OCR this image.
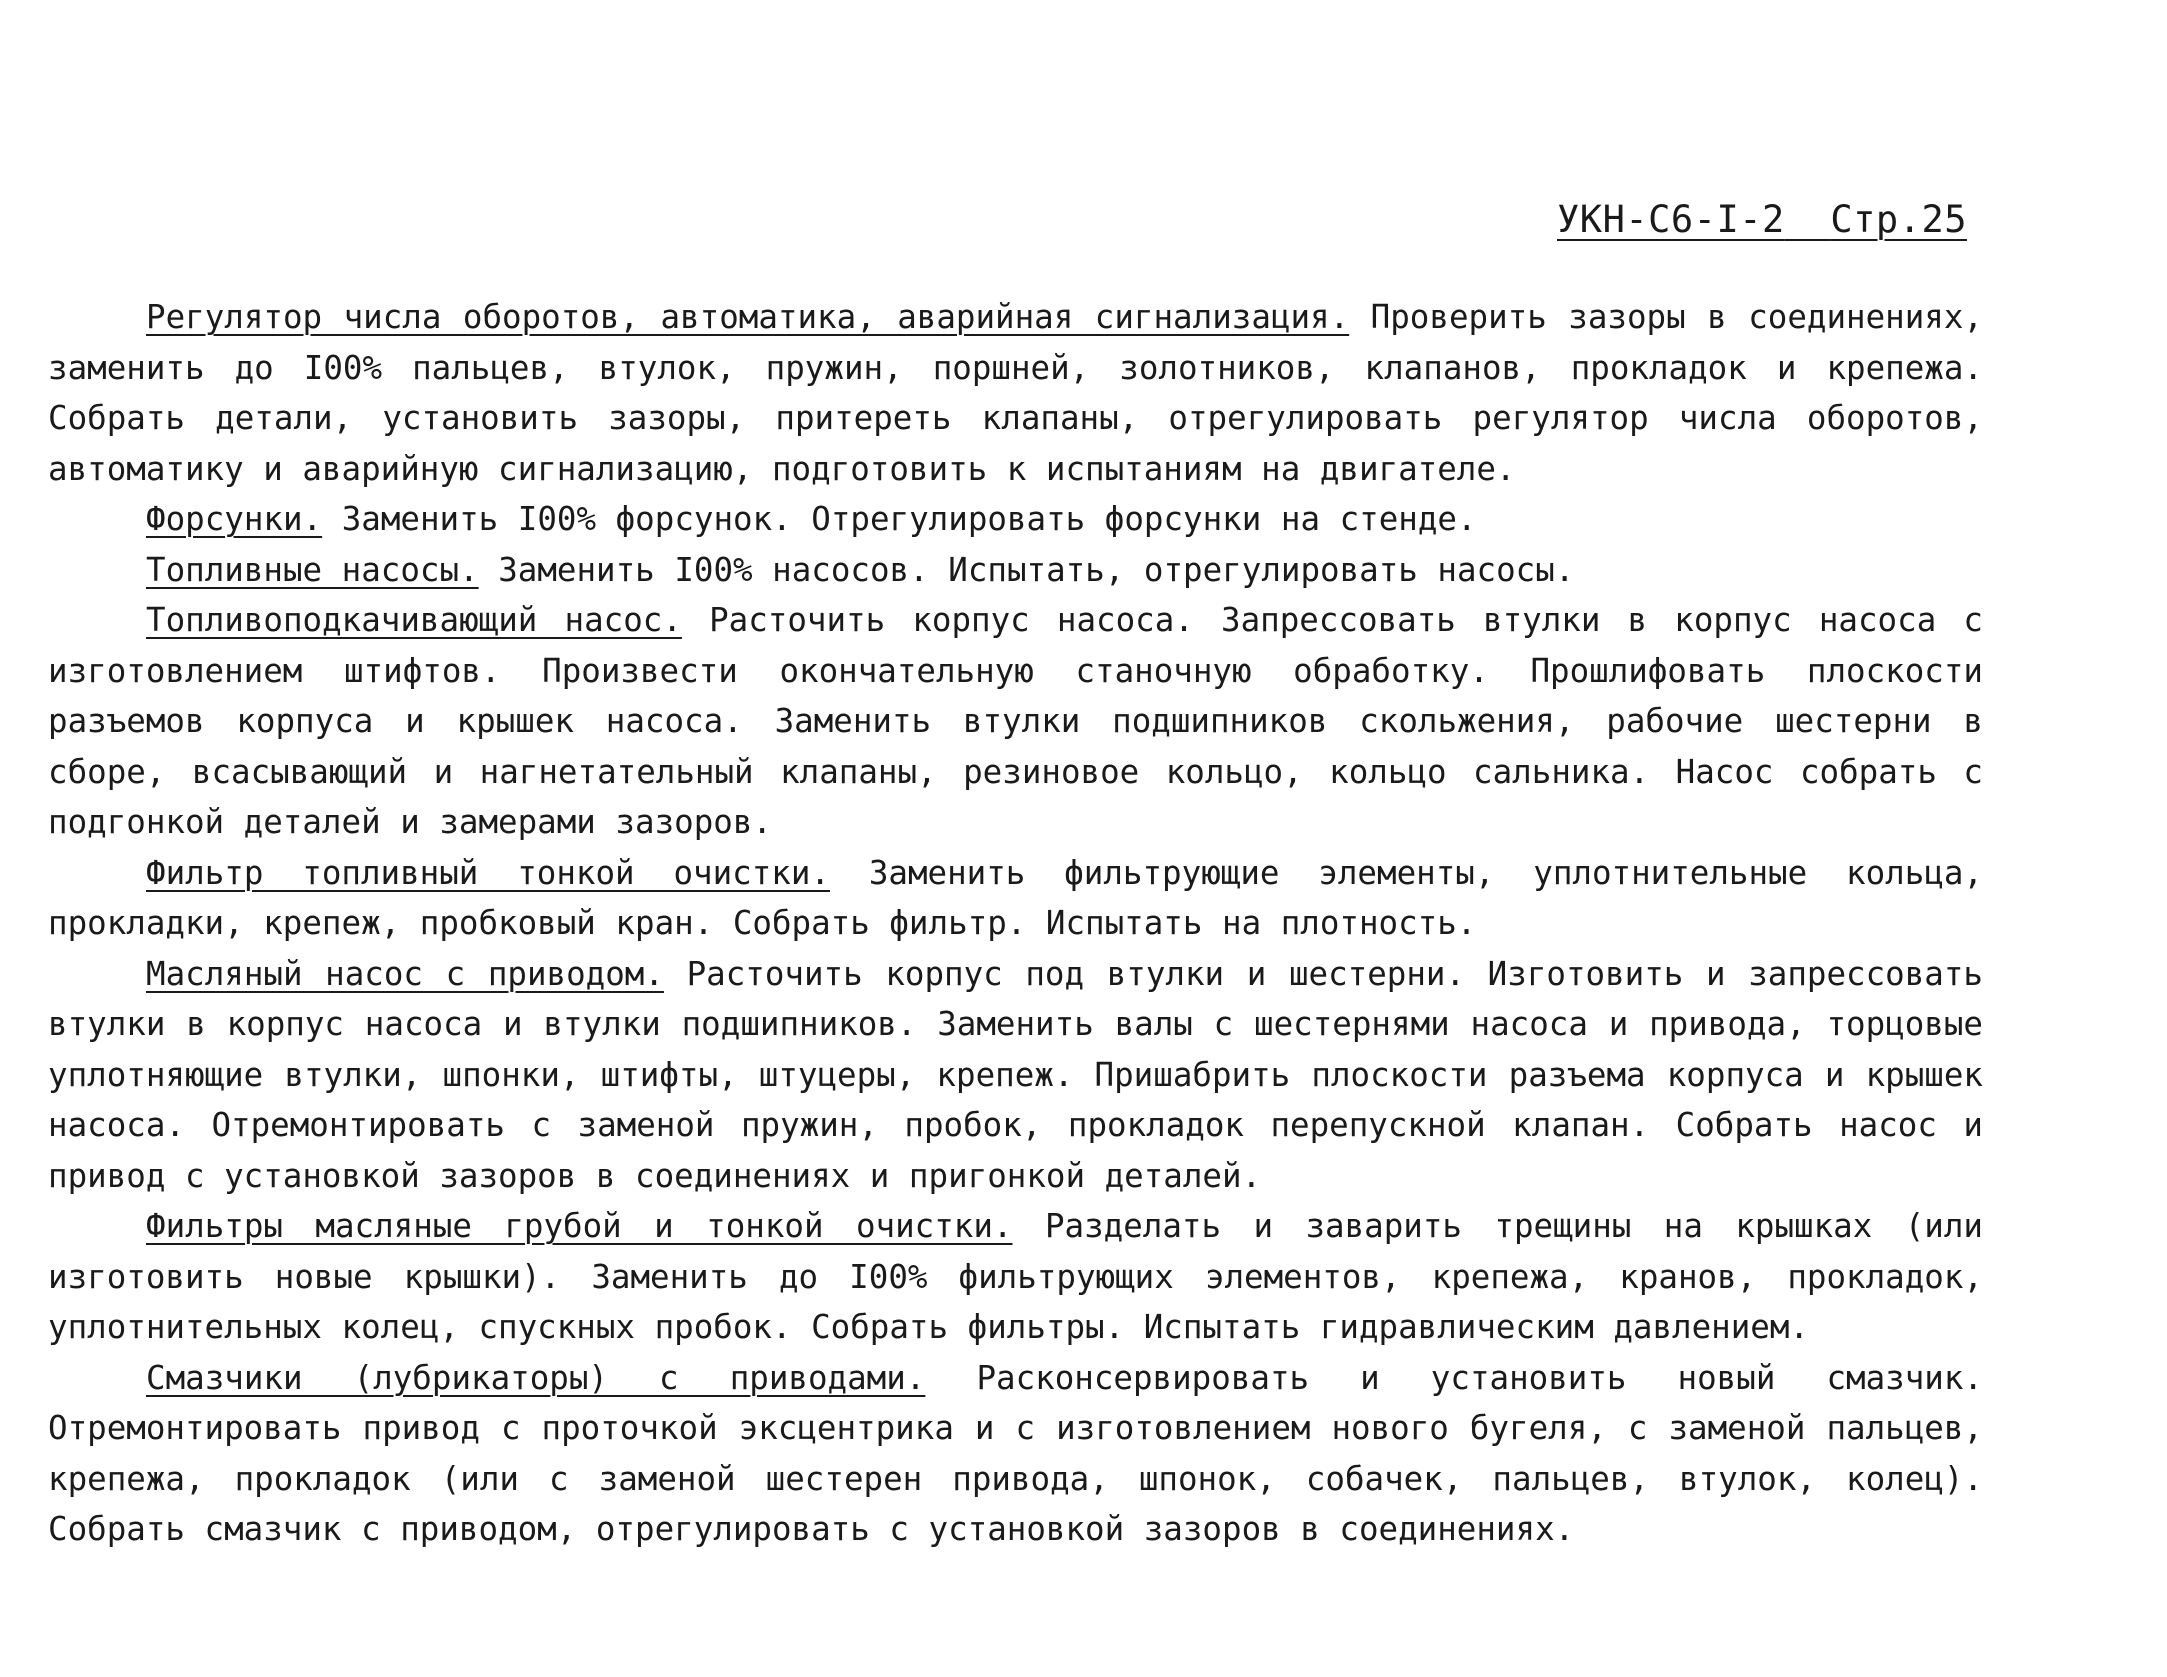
УКН-С6-I-2 Стр.25

Регулятор числа оборотов, автоматика, аварийная сигнализация. Проверить зазоры в соединениях, заменить до I00% пальцев, втулок, пружин, поршней, золотников, клапанов, прокладок и крепежа. Собрать детали, установить зазоры, притереть клапаны, отрегулировать регулятор числа оборотов, автоматику и аварийную сигнализацию, подготовить к испытаниям на двигателе.

Форсунки. Заменить I00% форсунок. Отрегулировать форсунки на стенде.

Топливные насосы. Заменить I00% насосов. Испытать, отрегулировать насосы.

Топливоподкачивающий насос. Расточить корпус насоса. Запрессовать втулки в корпус насоса с изготовлением штифтов. Произвести окончательную станочную обработку. Прошлифовать плоскости разъемов корпуса и крышек насоса. Заменить втулки подшипников скольжения, рабочие шестерни в сборе, всасывающий и нагнетательный клапаны, резиновое кольцо, кольцо сальника. Насос собрать с подгонкой деталей и замерами зазоров.

Фильтр топливный тонкой очистки. Заменить фильтрующие элементы, уплотнительные кольца, прокладки, крепеж, пробковый кран. Собрать фильтр. Испытать на плотность.

Масляный насос с приводом. Расточить корпус под втулки и шестерни. Изготовить и запрессовать втулки в корпус насоса и втулки подшипников. Заменить валы с шестернями насоса и привода, торцовые уплотняющие втулки, шпонки, штифты, штуцеры, крепеж. Пришабрить плоскости разъема корпуса и крышек насоса. Отремонтировать с заменой пружин, пробок, прокладок перепускной клапан. Собрать насос и привод с установкой зазоров в соединениях и пригонкой деталей.

Фильтры масляные грубой и тонкой очистки. Разделать и заварить трещины на крышках (или изготовить новые крышки). Заменить до I00% фильтрующих элементов, крепежа, кранов, прокладок, уплотнительных колец, спускных пробок. Собрать фильтры. Испытать гидравлическим давлением.

Смазчики (лубрикаторы) с приводами. Расконсервировать и установить новый смазчик. Отремонтировать привод с проточкой эксцентрика и с изготовлением нового бугеля, с заменой пальцев, крепежа, прокладок (или с заменой шестерен привода, шпонок, собачек, пальцев, втулок, колец). Собрать смазчик с приводом, отрегулировать с установкой зазоров в соединениях.
